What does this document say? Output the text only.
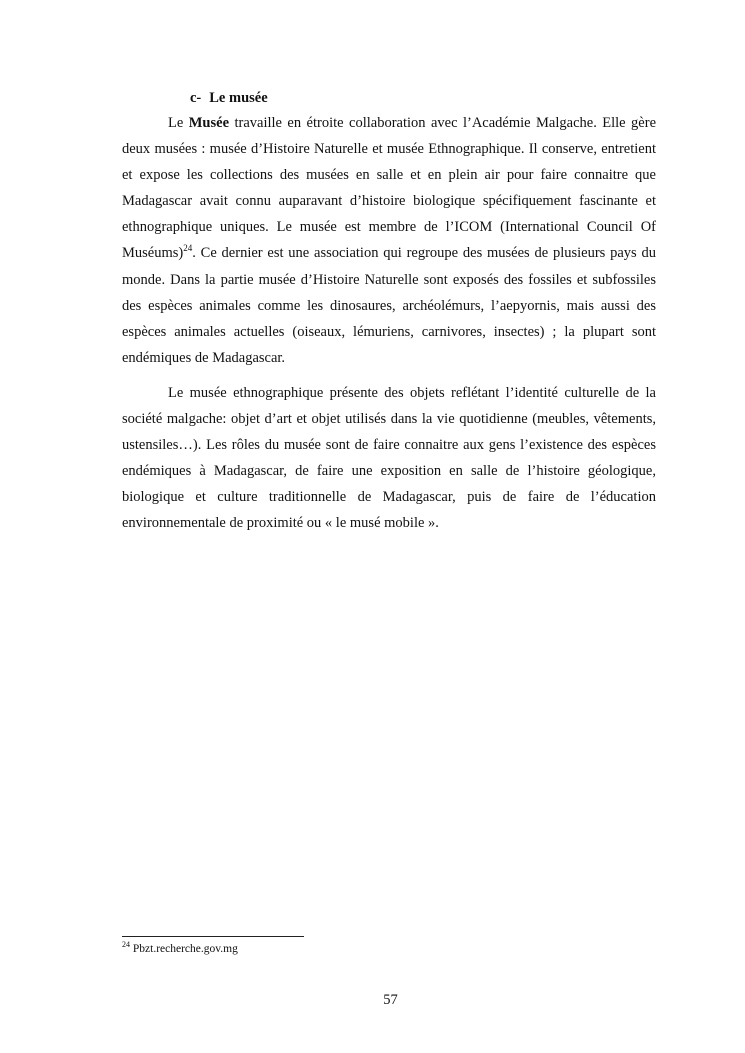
c- Le musée

Le Musée travaille en étroite collaboration avec l’Académie Malgache. Elle gère deux musées : musée d’Histoire Naturelle et musée Ethnographique. Il conserve, entretient et expose les collections des musées en salle et en plein air pour faire connaitre que Madagascar avait connu auparavant d’histoire biologique spécifiquement fascinante et ethnographique uniques. Le musée est membre de l’ICOM (International Council Of Muséums)$^{24}$. Ce dernier est une association qui regroupe des musées de plusieurs pays du monde. Dans la partie musée d’Histoire Naturelle sont exposés des fossiles et subfossiles des espèces animales comme les dinosaures, archéolémurs, l’aepyornis, mais aussi des espèces animales actuelles (oiseaux, lémuriens, carnivores, insectes) ; la plupart sont endémiques de Madagascar.

Le musée ethnographique présente des objets reflétant l’identité culturelle de la société malgache: objet d’art et objet utilisés dans la vie quotidienne (meubles, vêtements, ustensiles…). Les rôles du musée sont de faire connaitre aux gens l’existence des espèces endémiques à Madagascar, de faire une exposition en salle de l’histoire géologique, biologique et culture traditionnelle de Madagascar, puis de faire de l’éducation environnementale de proximité ou « le musé mobile ».

$^{24}$ Pbzt.recherche.gov.mg
57
